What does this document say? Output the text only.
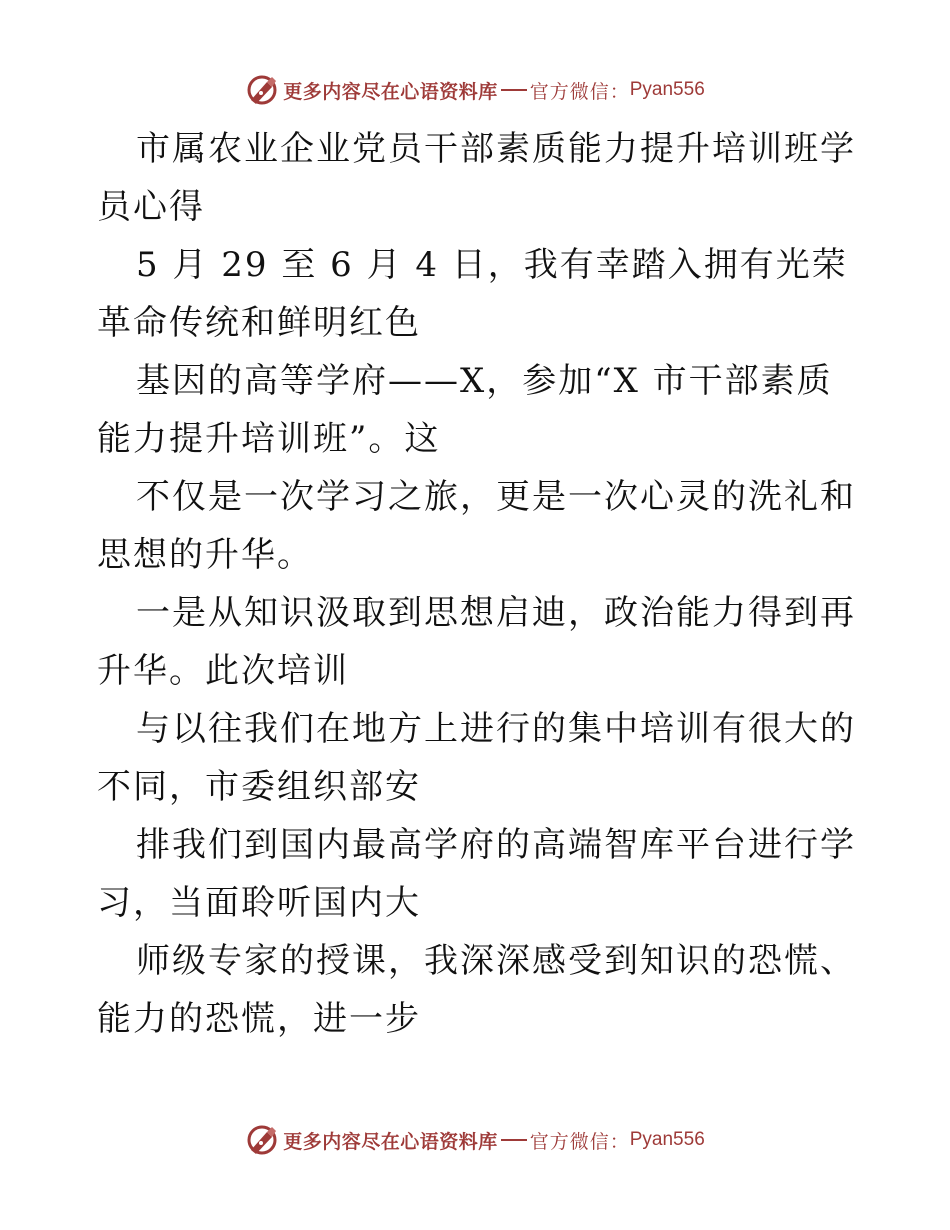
更多内容尽在心语资料库 官方微信： Pyan556

市属农业企业党员干部素质能力提升培训班学员心得

5 月 29 至 6 月 4 日，我有幸踏入拥有光荣革命传统和鲜明红色

基因的高等学府——X，参加“X 市干部素质能力提升培训班”。这

不仅是一次学习之旅，更是一次心灵的洗礼和思想的升华。

一是从知识汲取到思想启迪，政治能力得到再升华。此次培训

与以往我们在地方上进行的集中培训有很大的不同，市委组织部安

排我们到国内最高学府的高端智库平台进行学习，当面聆听国内大

师级专家的授课，我深深感受到知识的恐慌、能力的恐慌，进一步

更多内容尽在心语资料库 官方微信： Pyan556
